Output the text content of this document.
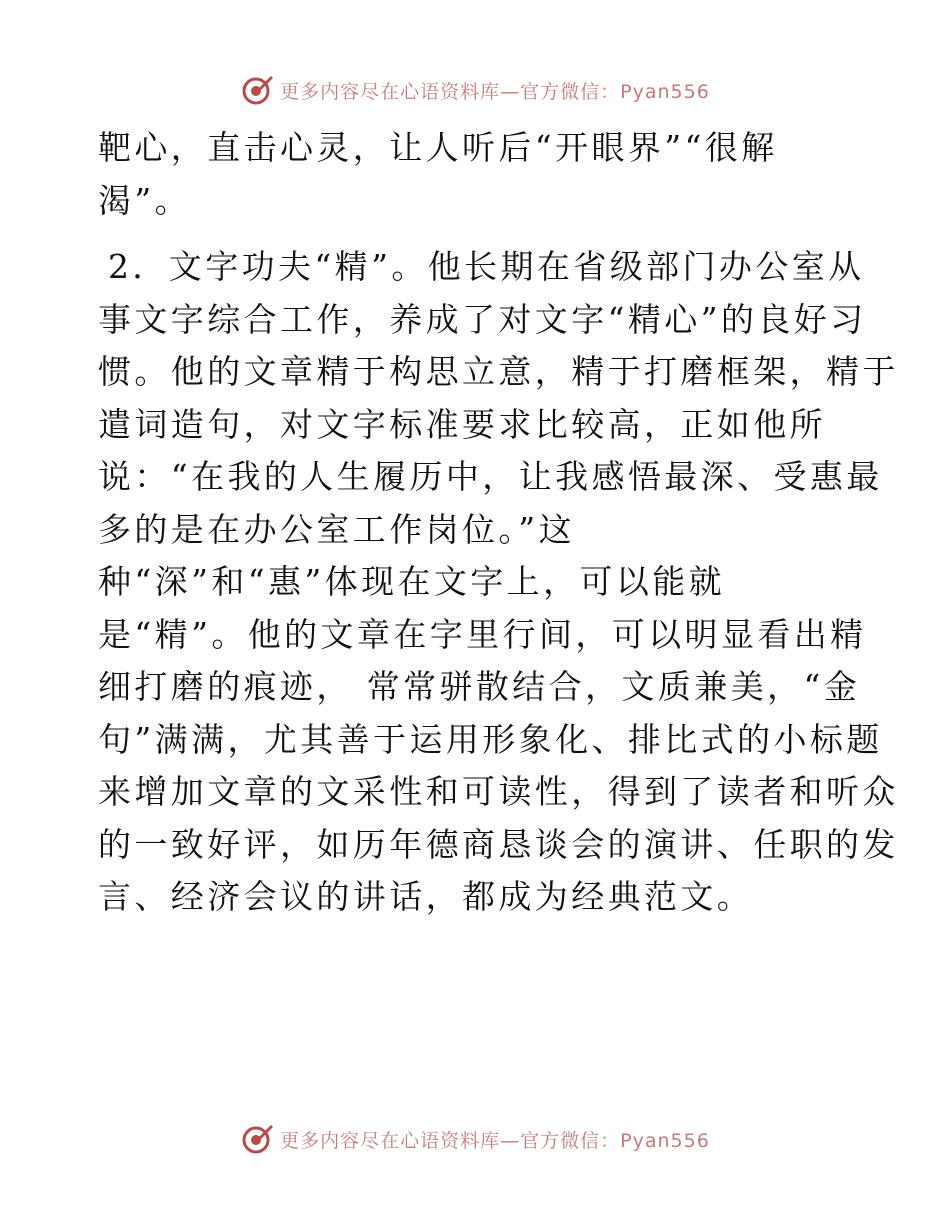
更多内容尽在心语资料库—官方微信：Pyan556
靶心，直击心灵，让人听后“开眼界”“很解
渴”。
2．文字功夫“精”。他长期在省级部门办公室从
事文字综合工作，养成了对文字“精心”的良好习
惯。他的文章精于构思立意，精于打磨框架，精于
遣词造句，对文字标准要求比较高，正如他所
说：“在我的人生履历中，让我感悟最深、受惠最
多的是在办公室工作岗位。”这
种“深”和“惠”体现在文字上，可以能就
是“精”。他的文章在字里行间，可以明显看出精
细打磨的痕迹， 常常骈散结合，文质兼美，“金
句”满满，尤其善于运用形象化、排比式的小标题
来增加文章的文采性和可读性，得到了读者和听众
的一致好评，如历年德商恳谈会的演讲、任职的发
言、经济会议的讲话，都成为经典范文。
更多内容尽在心语资料库—官方微信：Pyan556
